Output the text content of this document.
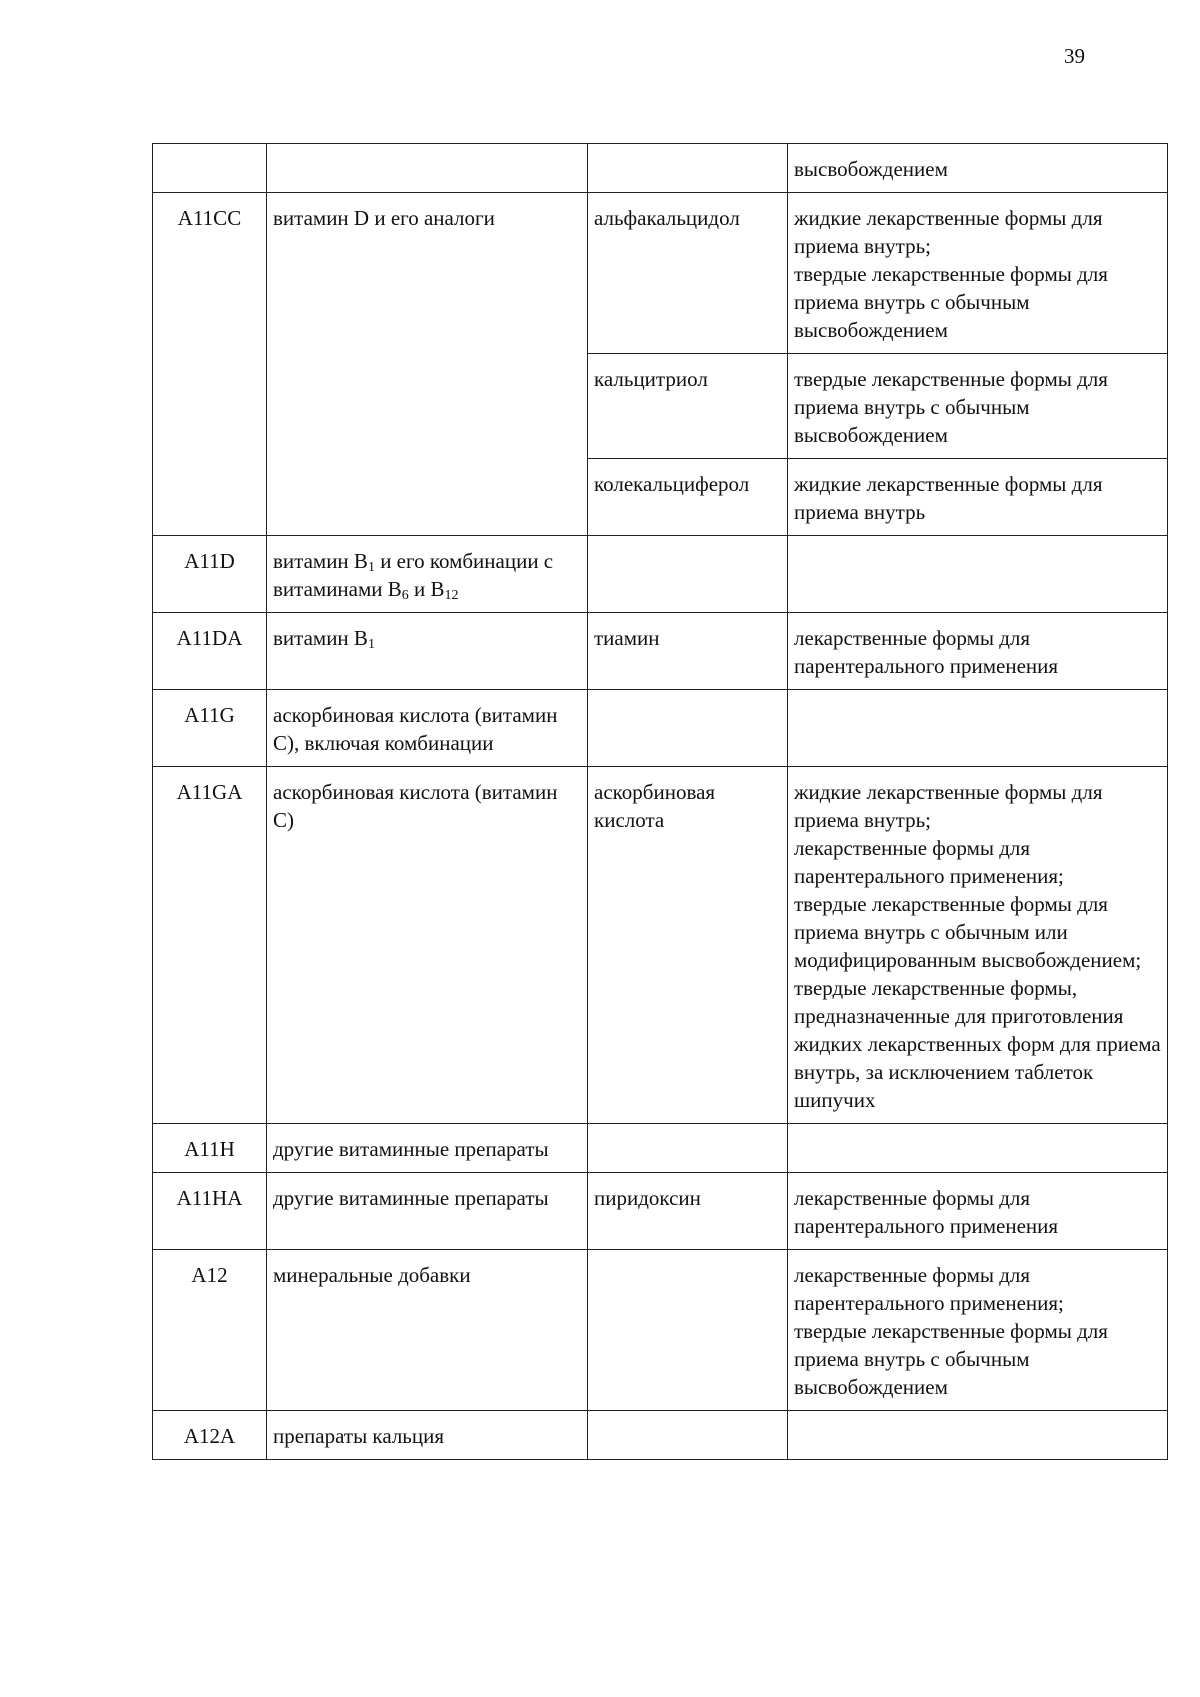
39

			высвобождением

A11CC	витамин D и его аналоги	альфакальцидол	жидкие лекарственные формы для приема внутрь;
твердые лекарственные формы для приема внутрь с обычным высвобождением

		кальцитриол	твердые лекарственные формы для приема внутрь с обычным высвобождением

		колекальциферол	жидкие лекарственные формы для приема внутрь

A11D	витамин $B_1$ и его комбинации с витаминами $B_6$ и $B_{12}$		
A11DA	витамин $B_1$	тиамин	лекарственные формы для парентерального применения

A11G	аскорбиновая кислота (витамин С), включая комбинации		
A11GA	аскорбиновая кислота (витамин С)	аскорбиновая кислота	жидкие лекарственные формы для приема внутрь;
лекарственные формы для парентерального применения;
твердые лекарственные формы для приема внутрь с обычным или модифицированным высвобождением;
твердые лекарственные формы, предназначенные для приготовления жидких лекарственных форм для приема внутрь, за исключением таблеток шипучих

A11H	другие витаминные препараты		
A11HA	другие витаминные препараты	пиридоксин	лекарственные формы для парентерального применения

A12	минеральные добавки		лекарственные формы для парентерального применения;
твердые лекарственные формы для приема внутрь с обычным высвобождением

A12A	препараты кальция		
